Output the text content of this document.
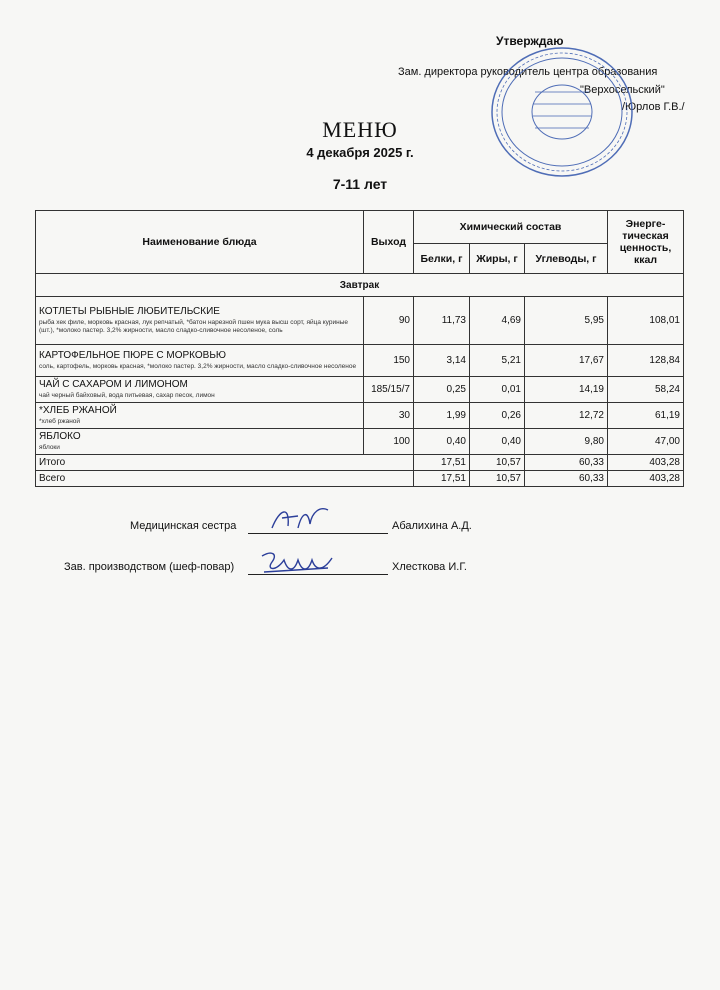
Утверждаю
Зам. директора руководитель центра образования
"Верхосельский"
/Юрлов Г.В./
МЕНЮ
4 декабря 2025 г.
7-11 лет
Наименование блюда	Выход	Химический состав			Энерге-тическая ценность, ккал
		Белки, г	Жиры, г	Углеводы, г	
Завтрак					

КОТЛЕТЫ РЫБНЫЕ ЛЮБИТЕЛЬСКИЕ
рыба хек филе, морковь красная, лук репчатый, *батон нарезной пшен мука высш сорт, яйца куриные (шт.), *молоко пастер. 3,2% жирности, масло сладко-сливочное несоленое, соль	90	11,73	4,69	5,95	108,01

КАРТОФЕЛЬНОЕ ПЮРЕ С МОРКОВЬЮ
соль, картофель, морковь красная, *молоко пастер. 3,2% жирности, масло сладко-сливочное несоленое	150	3,14	5,21	17,67	128,84

ЧАЙ С САХАРОМ И ЛИМОНОМ
чай черный байховый, вода питьевая, сахар песок, лимон	185/15/7	0,25	0,01	14,19	58,24

*ХЛЕБ РЖАНОЙ
*хлеб ржаной	30	1,99	0,26	12,72	61,19

ЯБЛОКО
яблоки	100	0,40	0,40	9,80	47,00
Итого		17,51	10,57	60,33	403,28
Всего		17,51	10,57	60,33	403,28
Медицинская сестра	Абалихина А.Д.
Зав. производством (шеф-повар)	Хлесткова И.Г.
